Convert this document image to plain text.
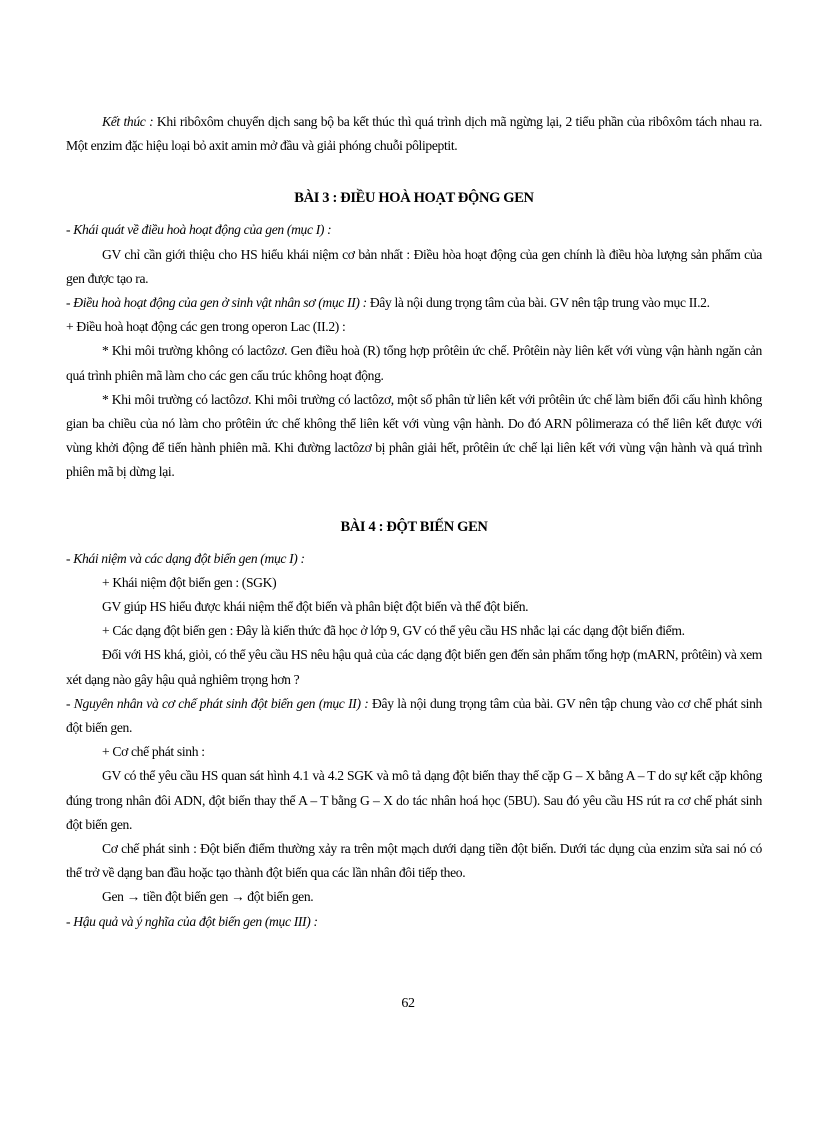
Kết thúc : Khi ribôxôm chuyển dịch sang bộ ba kết thúc thì quá trình dịch mã ngừng lại, 2 tiểu phần của ribôxôm tách nhau ra. Một enzim đặc hiệu loại bỏ axit amin mở đầu và giải phóng chuỗi pôlipeptit.

BÀI 3 : ĐIỀU HOÀ HOẠT ĐỘNG GEN

- Khái quát về điều hoà hoạt động của gen (mục I) :

GV chỉ cần giới thiệu cho HS hiểu khái niệm cơ bản nhất : Điều hòa hoạt động của gen chính là điều hòa lượng sản phẩm của gen được tạo ra.

- Điều hoà hoạt động của gen ở sinh vật nhân sơ (mục II) : Đây là nội dung trọng tâm của bài. GV nên tập trung vào mục II.2.

+ Điều hoà hoạt động các gen trong operon Lac (II.2) :

* Khi môi trường không có lactôzơ. Gen điều hoà (R) tổng hợp prôtêin ức chế. Prôtêin này liên kết với vùng vận hành ngăn cản quá trình phiên mã làm cho các gen cấu trúc không hoạt động.

* Khi môi trường có lactôzơ. Khi môi trường có lactôzơ, một số phân tử liên kết với prôtêin ức chế làm biến đổi cấu hình không gian ba chiều của nó làm cho prôtêin ức chế không thể liên kết với vùng vận hành. Do đó ARN pôlimeraza có thể liên kết được với vùng khởi động để tiến hành phiên mã. Khi đường lactôzơ bị phân giải hết, prôtêin ức chế lại liên kết với vùng vận hành và quá trình phiên mã bị dừng lại.

BÀI 4 : ĐỘT BIẾN GEN

- Khái niệm và các dạng đột biến gen (mục I) :

+ Khái niệm đột biến gen : (SGK)

GV giúp HS hiểu được khái niệm thể đột biến và phân biệt đột biến và thể đột biến.

+ Các dạng đột biến gen : Đây là kiến thức đã học ở lớp 9, GV có thể yêu cầu HS nhắc lại các dạng đột biến điểm.

Đối với HS khá, giỏi, có thể yêu cầu HS nêu hậu quả của các dạng đột biến gen đến sản phẩm tổng hợp (mARN, prôtêin) và xem xét dạng nào gây hậu quả nghiêm trọng hơn ?

- Nguyên nhân và cơ chế phát sinh đột biến gen (mục II) : Đây là nội dung trọng tâm của bài. GV nên tập chung vào cơ chế phát sinh đột biến gen.

+ Cơ chế phát sinh :

GV có thể yêu cầu HS quan sát hình 4.1 và 4.2 SGK và mô tả dạng đột biến thay thế cặp G – X bằng A – T do sự kết cặp không đúng trong nhân đôi ADN, đột biến thay thế A – T bằng G – X do tác nhân hoá học (5BU). Sau đó yêu cầu HS rút ra cơ chế phát sinh đột biến gen.

Cơ chế phát sinh : Đột biến điểm thường xảy ra trên một mạch dưới dạng tiền đột biến. Dưới tác dụng của enzim sửa sai nó có thể trở về dạng ban đầu hoặc tạo thành đột biến qua các lần nhân đôi tiếp theo.

Gen → tiền đột biến gen → đột biến gen.

- Hậu quả và ý nghĩa của đột biến gen (mục III) :

62
